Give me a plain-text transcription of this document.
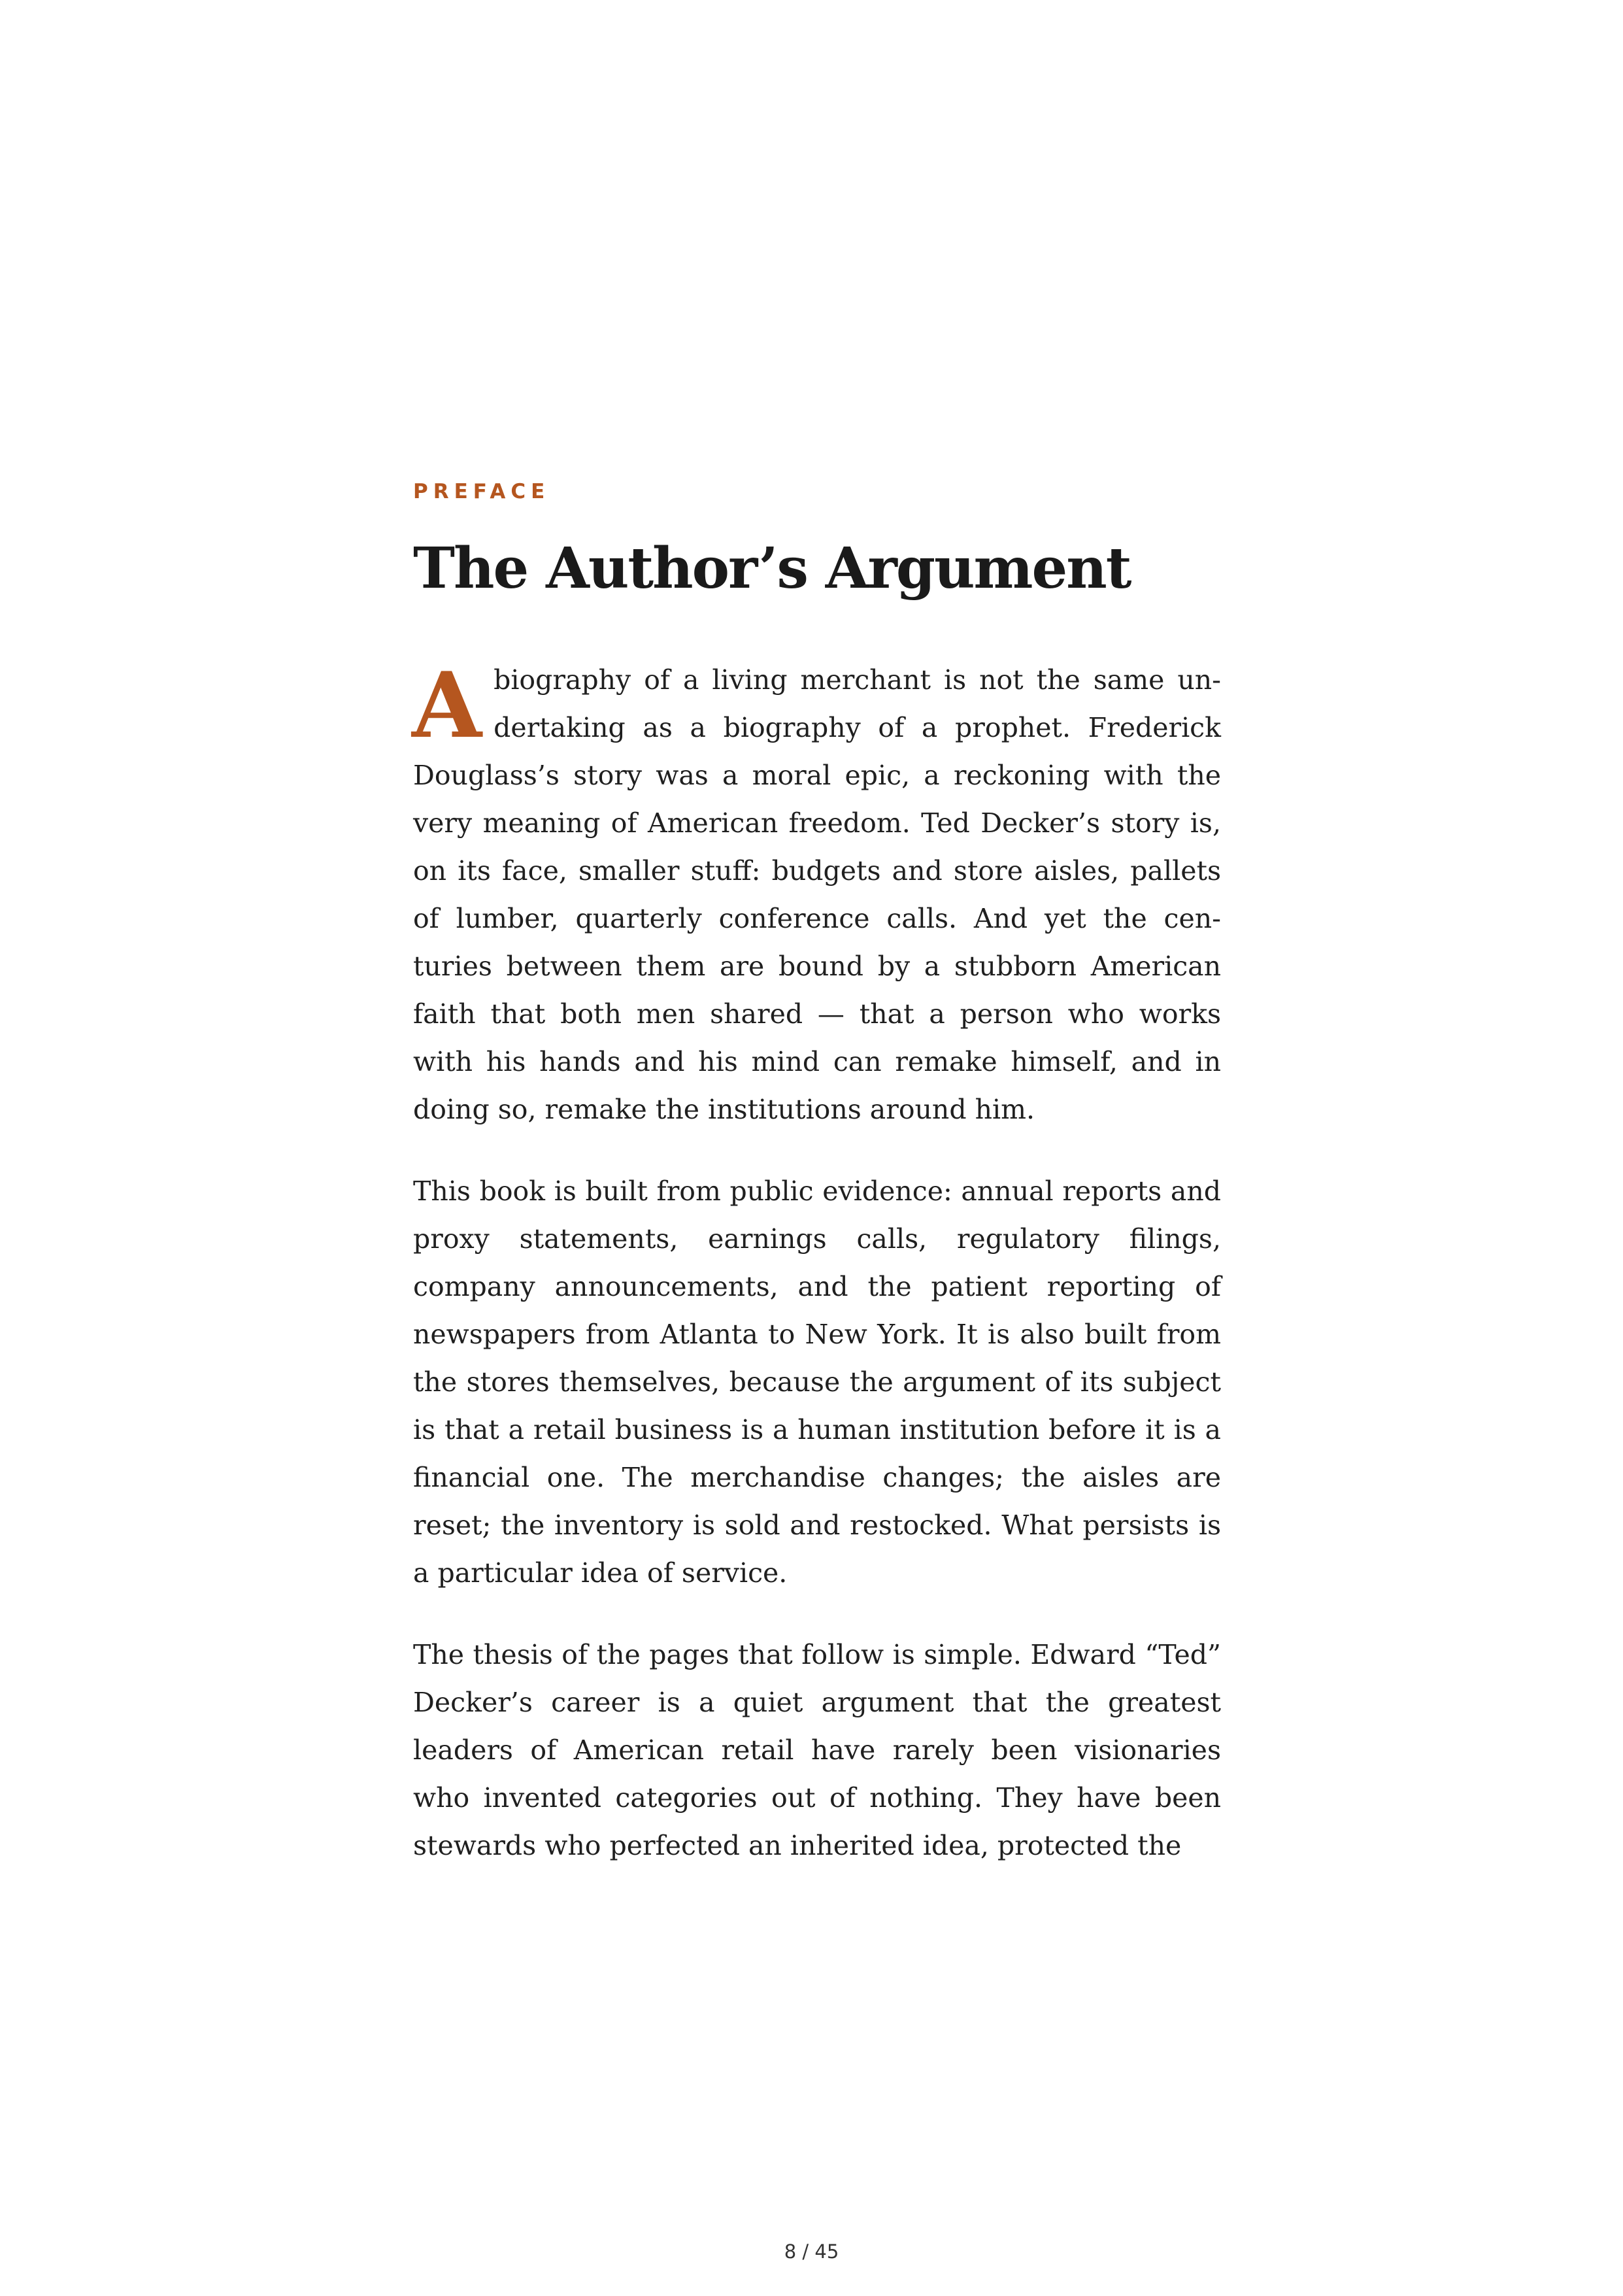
PREFACE

The Author’s Argument

Abiography of a living merchant is not the same undertaking as a biography of a prophet. Frederick Douglass’s story was a moral epic, a reckoning with the very meaning of American freedom. Ted Decker’s story is, on its face, smaller stuff: budgets and store aisles, pallets of lumber, quarterly conference calls. And yet the centuries between them are bound by a stubborn American faith that both men shared — that a person who works with his hands and his mind can remake himself, and in doing so, remake the institutions around him.

This book is built from public evidence: annual reports and proxy statements, earnings calls, regulatory filings, company announcements, and the patient reporting of newspapers from Atlanta to New York. It is also built from the stores themselves, because the argument of its subject is that a retail business is a human institution before it is a financial one. The merchandise changes; the aisles are reset; the inventory is sold and restocked. What persists is a particular idea of service.

The thesis of the pages that follow is simple. Edward “Ted” Decker’s career is a quiet argument that the greatest leaders of American retail have rarely been visionaries who invented categories out of nothing. They have been stewards who perfected an inherited idea, protected the

8 / 45
